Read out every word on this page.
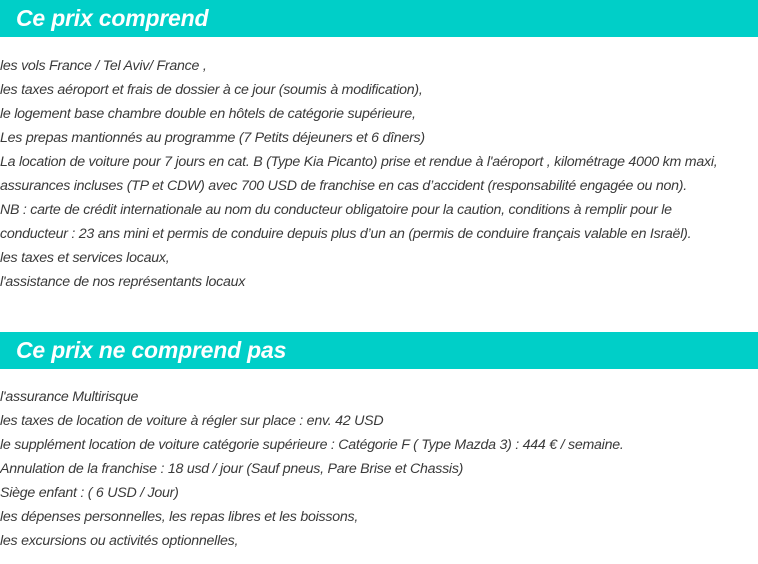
Ce prix comprend
les vols France / Tel Aviv/ France ,
les taxes aéroport et frais de dossier à ce jour (soumis à modification),
le logement base chambre double en hôtels de catégorie supérieure,
Les prepas mantionnés au programme (7 Petits déjeuners et 6 dîners)
La location de voiture pour 7 jours en cat. B (Type Kia Picanto) prise et rendue à l'aéroport , kilométrage 4000 km maxi,
assurances incluses (TP et CDW) avec 700 USD de franchise en cas d’accident (responsabilité engagée ou non).
NB : carte de crédit internationale au nom du conducteur obligatoire pour la caution, conditions à remplir pour le
conducteur : 23 ans mini et permis de conduire depuis plus d’un an (permis de conduire français valable en Israël).
les taxes et services locaux,
l'assistance de nos représentants locaux
Ce prix ne comprend pas
l'assurance Multirisque
les taxes de location de voiture à régler sur place : env. 42 USD
le supplément location de voiture catégorie supérieure : Catégorie F ( Type Mazda 3) : 444 € / semaine.
Annulation de la franchise : 18 usd / jour (Sauf pneus, Pare Brise et Chassis)
Siège enfant : ( 6 USD / Jour)
les dépenses personnelles, les repas libres et les boissons,
les excursions ou activités optionnelles,
